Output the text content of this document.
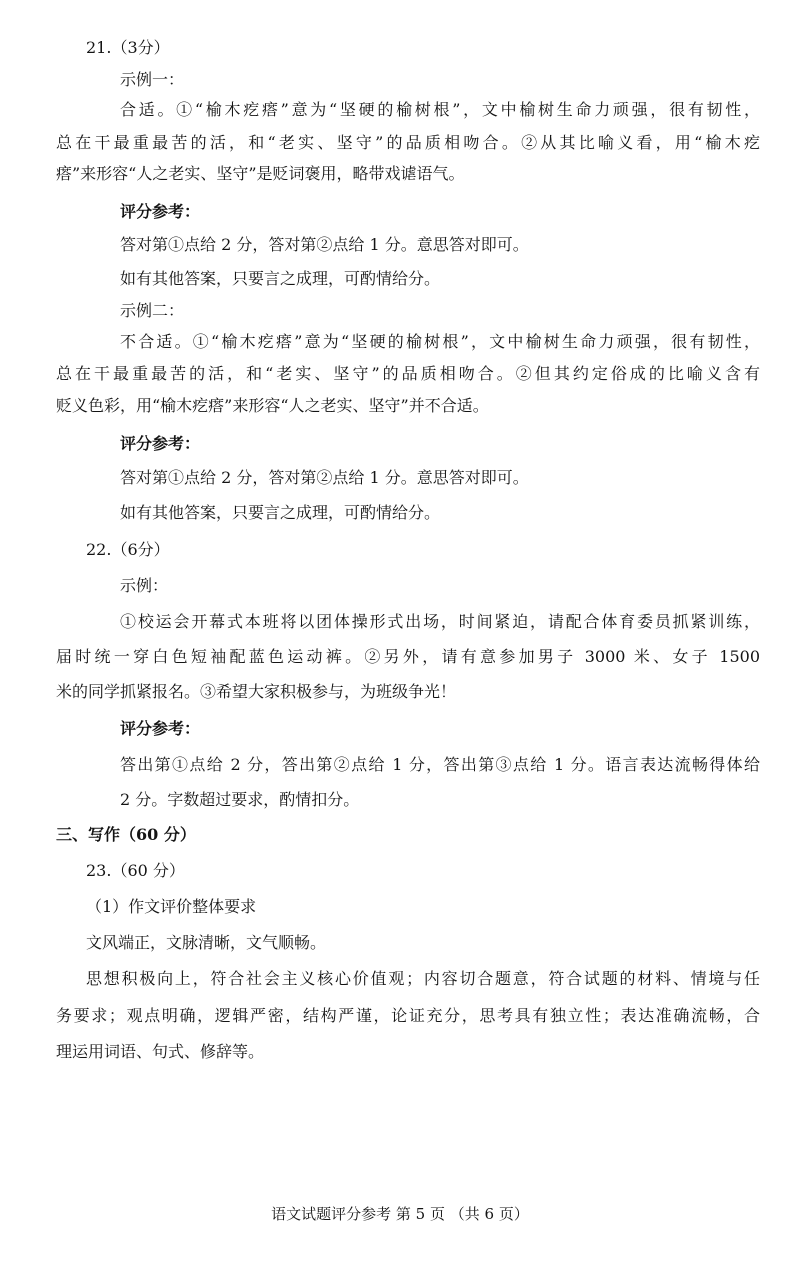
21.（3分）
示例一：
合适。①“榆木疙瘩”意为“坚硬的榆树根”，文中榆树生命力顽强，很有韧性，
总在干最重最苦的活，和“老实、坚守”的品质相吻合。②从其比喻义看，用“榆木疙
瘩”来形容“人之老实、坚守”是贬词褒用，略带戏谑语气。
评分参考：
答对第①点给 2 分，答对第②点给 1 分。意思答对即可。
如有其他答案，只要言之成理，可酌情给分。
示例二：
不合适。①“榆木疙瘩”意为“坚硬的榆树根”，文中榆树生命力顽强，很有韧性，
总在干最重最苦的活，和“老实、坚守”的品质相吻合。②但其约定俗成的比喻义含有
贬义色彩，用“榆木疙瘩”来形容“人之老实、坚守”并不合适。
评分参考：
答对第①点给 2 分，答对第②点给 1 分。意思答对即可。
如有其他答案，只要言之成理，可酌情给分。
22.（6分）
示例：
①校运会开幕式本班将以团体操形式出场，时间紧迫，请配合体育委员抓紧训练，
届时统一穿白色短袖配蓝色运动裤。②另外，请有意参加男子 3000 米、女子 1500
米的同学抓紧报名。③希望大家积极参与，为班级争光！
评分参考：
答出第①点给 2 分，答出第②点给 1 分，答出第③点给 1 分。语言表达流畅得体给
2 分。字数超过要求，酌情扣分。
三、写作（60 分）
23.（60 分）
（1）作文评价整体要求
文风端正，文脉清晰，文气顺畅。
思想积极向上，符合社会主义核心价值观；内容切合题意，符合试题的材料、情境与任
务要求；观点明确，逻辑严密，结构严谨，论证充分，思考具有独立性；表达准确流畅，合
理运用词语、句式、修辞等。
语文试题评分参考 第 5 页 （共 6 页）
